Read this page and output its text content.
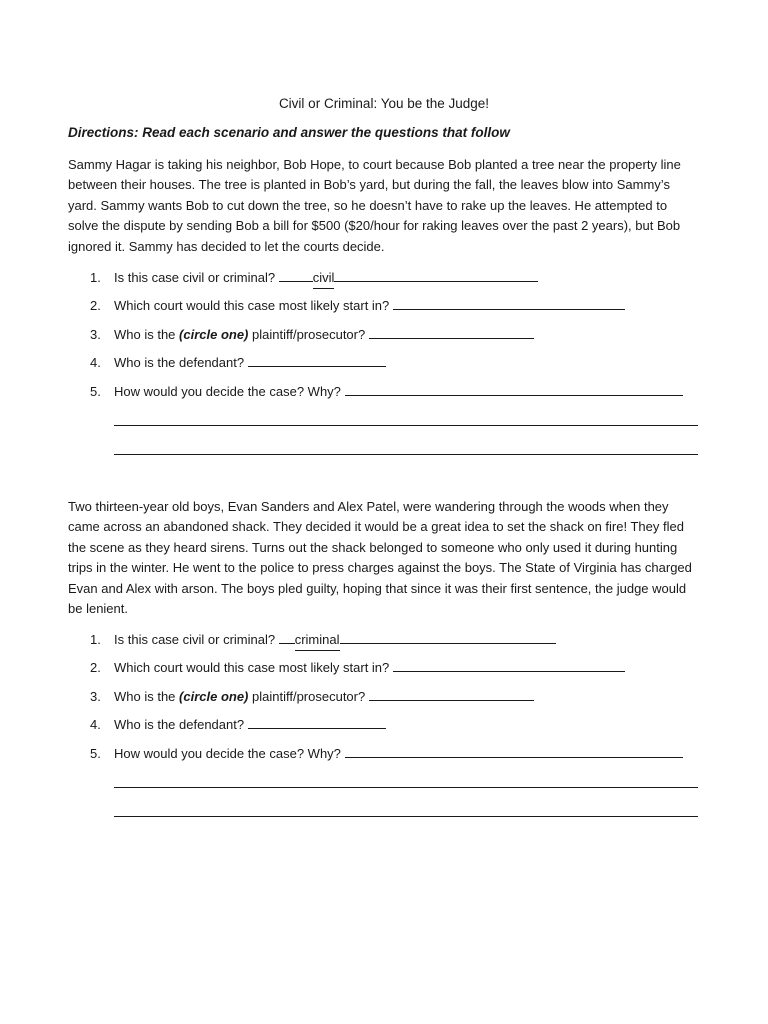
Civil or Criminal: You be the Judge!
Directions: Read each scenario and answer the questions that follow

Sammy Hagar is taking his neighbor, Bob Hope, to court because Bob planted a tree near the property line between their houses. The tree is planted in Bob’s yard, but during the fall, the leaves blow into Sammy’s yard. Sammy wants Bob to cut down the tree, so he doesn’t have to rake up the leaves. He attempted to solve the dispute by sending Bob a bill for $500 ($20/hour for raking leaves over the past 2 years), but Bob ignored it. Sammy has decided to let the courts decide.

1. Is this case civil or criminal?	civil
2. Which court would this case most likely start in?
3. Who is the (circle one) plaintiff/prosecutor?
4. Who is the defendant?
5. How would you decide the case? Why?

Two thirteen-year old boys, Evan Sanders and Alex Patel, were wandering through the woods when they came across an abandoned shack. They decided it would be a great idea to set the shack on fire! They fled the scene as they heard sirens. Turns out the shack belonged to someone who only used it during hunting trips in the winter. He went to the police to press charges against the boys. The State of Virginia has charged Evan and Alex with arson. The boys pled guilty, hoping that since it was their first sentence, the judge would be lenient.

1. Is this case civil or criminal? criminal
2. Which court would this case most likely start in?
3. Who is the (circle one) plaintiff/prosecutor?
4. Who is the defendant?
5. How would you decide the case? Why?
